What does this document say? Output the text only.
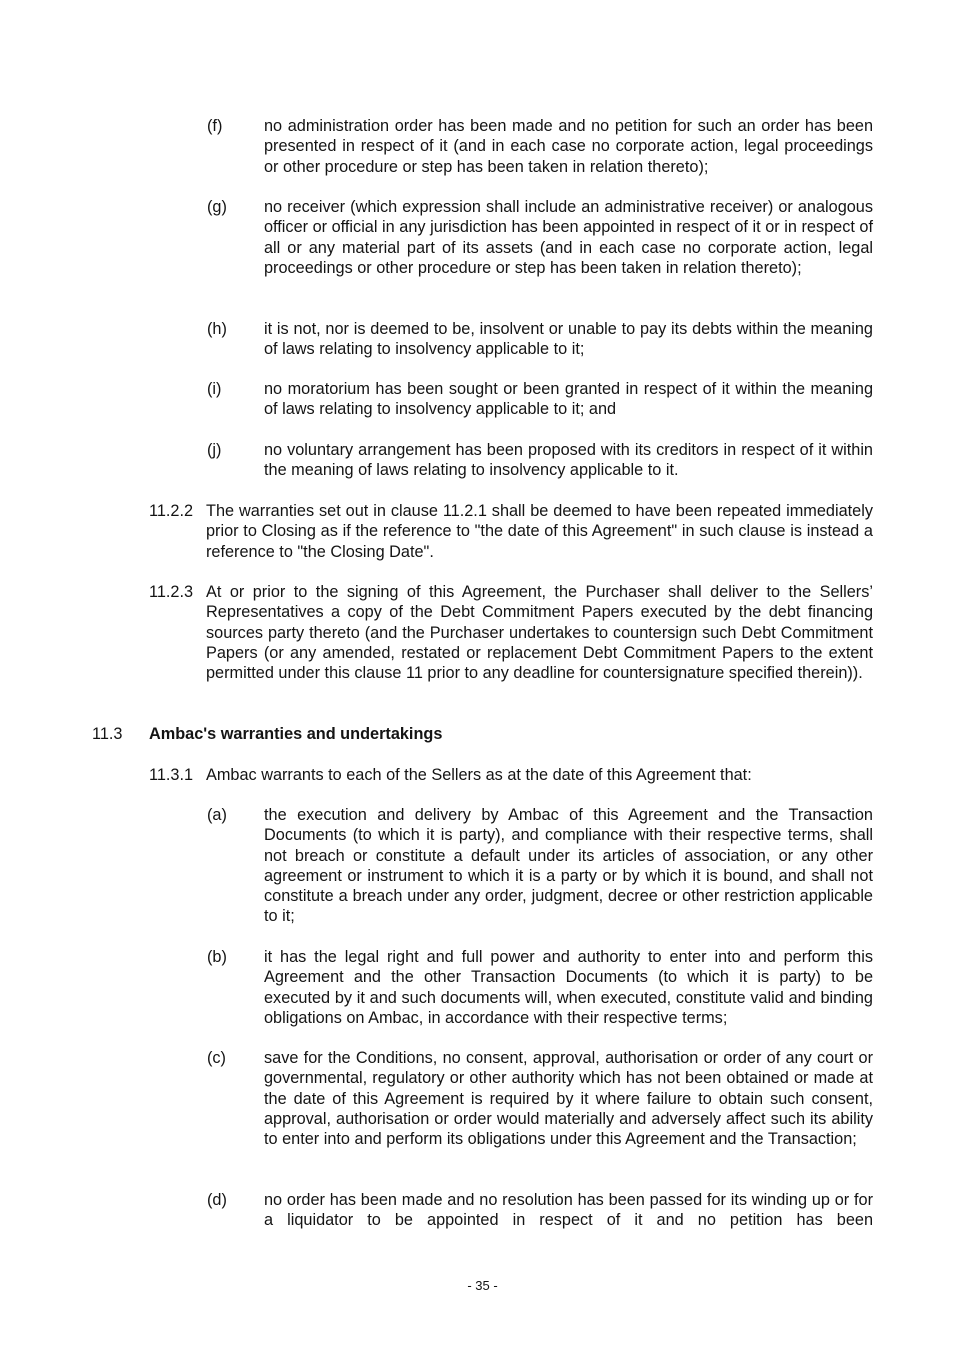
(f)	no administration order has been made and no petition for such an order has been presented in respect of it (and in each case no corporate action, legal proceedings or other procedure or step has been taken in relation thereto);
(g) no receiver (which expression shall include an administrative receiver) or analogous officer or official in any jurisdiction has been appointed in respect of it or in respect of all or any material part of its assets (and in each case no corporate action, legal proceedings or other procedure or step has been taken in relation thereto);
(h) it is not, nor is deemed to be, insolvent or unable to pay its debts within the meaning of laws relating to insolvency applicable to it;
(i)	no moratorium has been sought or been granted in respect of it within the meaning of laws relating to insolvency applicable to it; and
(j)	no voluntary arrangement has been proposed with its creditors in respect of it within the meaning of laws relating to insolvency applicable to it.
11.2.2 The warranties set out in clause 11.2.1 shall be deemed to have been repeated immediately prior to Closing as if the reference to "the date of this Agreement" in such clause is instead a reference to "the Closing Date".
11.2.3 At or prior to the signing of this Agreement, the Purchaser shall deliver to the Sellers’ Representatives a copy of the Debt Commitment Papers executed by the debt financing sources party thereto (and the Purchaser undertakes to countersign such Debt Commitment Papers (or any amended, restated or replacement Debt Commitment Papers to the extent permitted under this clause 11 prior to any deadline for countersignature specified therein)).
11.3 Ambac's warranties and undertakings
11.3.1 Ambac warrants to each of the Sellers as at the date of this Agreement that:
(a) the execution and delivery by Ambac of this Agreement and the Transaction Documents (to which it is party), and compliance with their respective terms, shall not breach or constitute a default under its articles of association, or any other agreement or instrument to which it is a party or by which it is bound, and shall not constitute a breach under any order, judgment, decree or other restriction applicable to it;
(b) it has the legal right and full power and authority to enter into and perform this Agreement and the other Transaction Documents (to which it is party) to be executed by it and such documents will, when executed, constitute valid and binding obligations on Ambac, in accordance with their respective terms;
(c) save for the Conditions, no consent, approval, authorisation or order of any court or governmental, regulatory or other authority which has not been obtained or made at the date of this Agreement is required by it where failure to obtain such consent, approval, authorisation or order would materially and adversely affect such its ability to enter into and perform its obligations under this Agreement and the Transaction;
(d) no order has been made and no resolution has been passed for its winding up or for a liquidator to be appointed in respect of it and no petition has been
- 35 -
